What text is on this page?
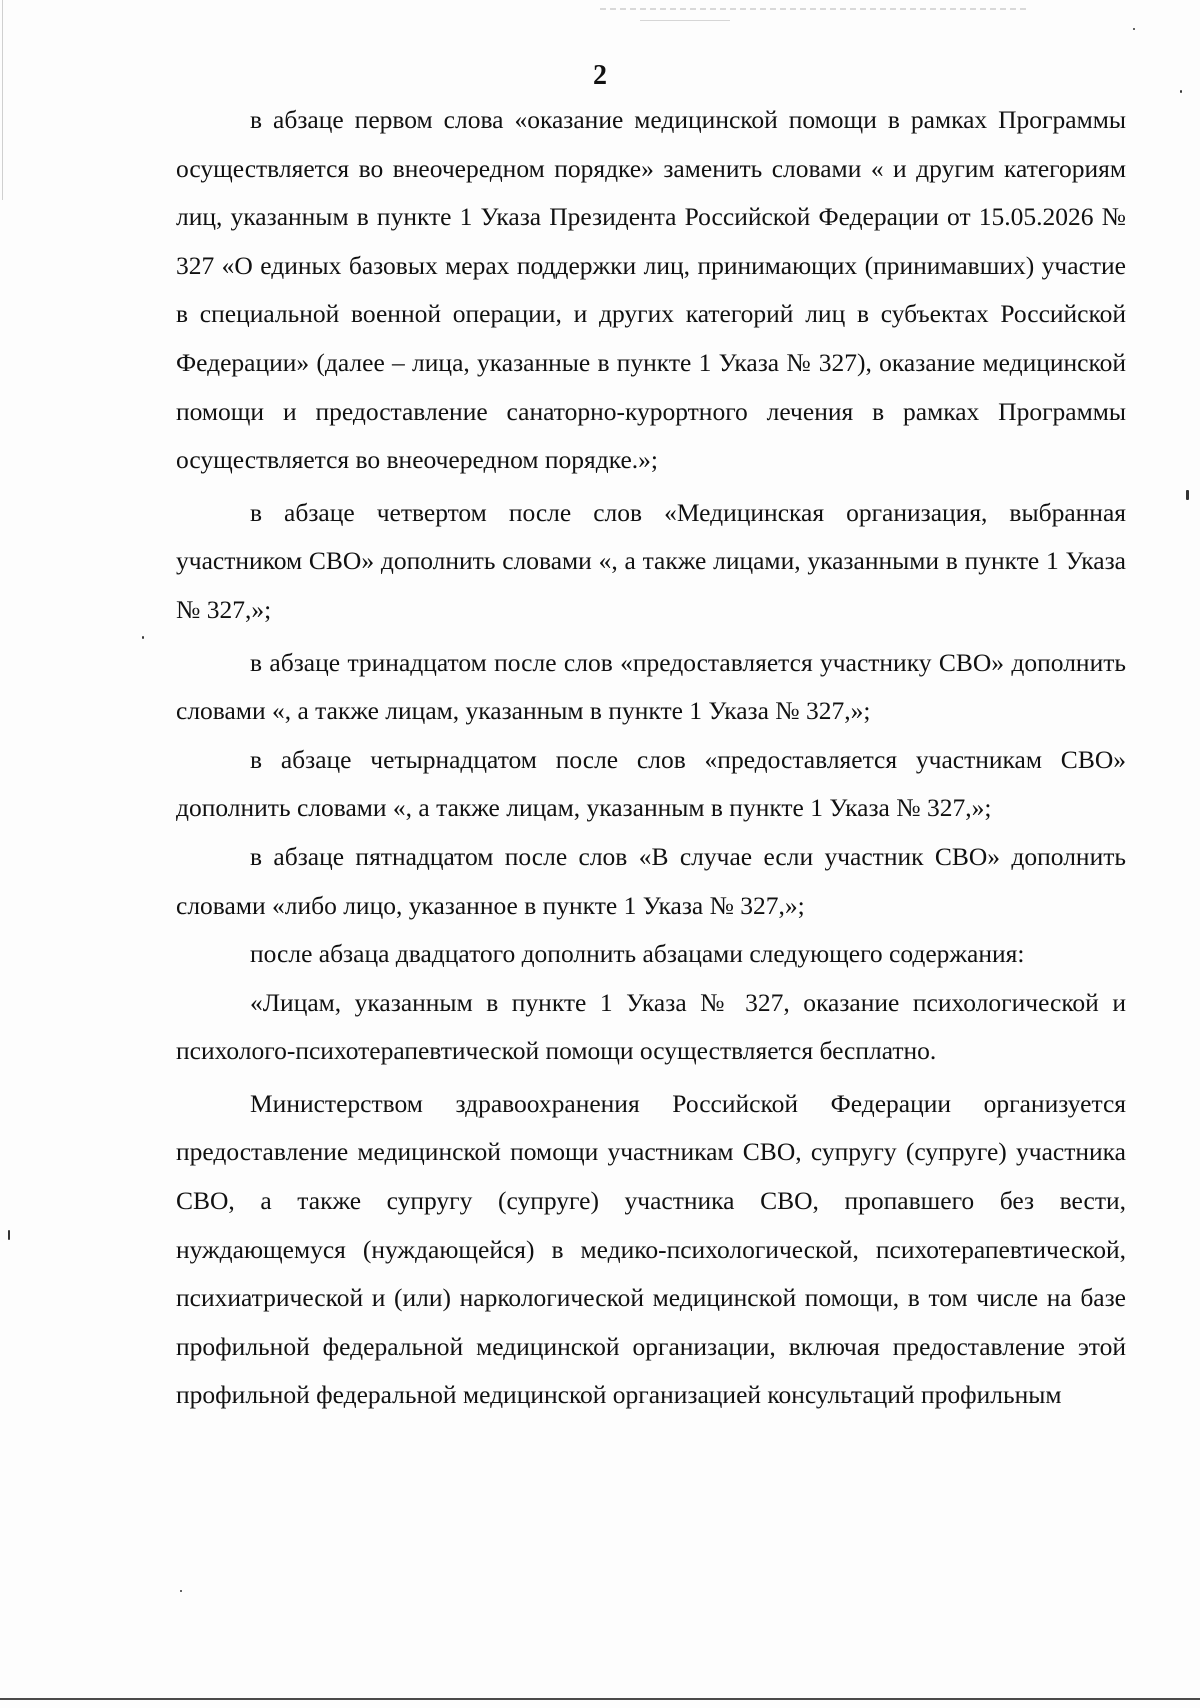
2

в абзаце первом слова «оказание медицинской помощи в рамках Программы осуществляется во внеочередном порядке» заменить словами « и другим категориям лиц, указанным в пункте 1 Указа Президента Российской Федерации от 15.05.2026 № 327 «О единых базовых мерах поддержки лиц, принимающих (принимавших) участие в специальной военной операции, и других категорий лиц в субъектах Российской Федерации» (далее – лица, указанные в пункте 1 Указа № 327), оказание медицинской помощи и предоставление санаторно-курортного лечения в рамках Программы осуществляется во внеочередном порядке.»;

в абзаце четвертом после слов «Медицинская организация, выбранная участником СВО» дополнить словами «, а также лицами, указанными в пункте 1 Указа № 327,»;

в абзаце тринадцатом после слов «предоставляется участнику СВО» дополнить словами «, а также лицам, указанным в пункте 1 Указа № 327,»;

в абзаце четырнадцатом после слов «предоставляется участникам СВО» дополнить словами «, а также лицам, указанным в пункте 1 Указа № 327,»;

в абзаце пятнадцатом после слов «В случае если участник СВО» дополнить словами «либо лицо, указанное в пункте 1 Указа № 327,»;

после абзаца двадцатого дополнить абзацами следующего содержания:

«Лицам, указанным в пункте 1 Указа № 327, оказание психологической и психолого-психотерапевтической помощи осуществляется бесплатно.

Министерством здравоохранения Российской Федерации организуется предоставление медицинской помощи участникам СВО, супругу (супруге) участника СВО, а также супругу (супруге) участника СВО, пропавшего без вести, нуждающемуся (нуждающейся) в медико-психологической, психотерапевтической, психиатрической и (или) наркологической медицинской помощи, в том числе на базе профильной федеральной медицинской организации, включая предоставление этой профильной федеральной медицинской организацией консультаций профильным
